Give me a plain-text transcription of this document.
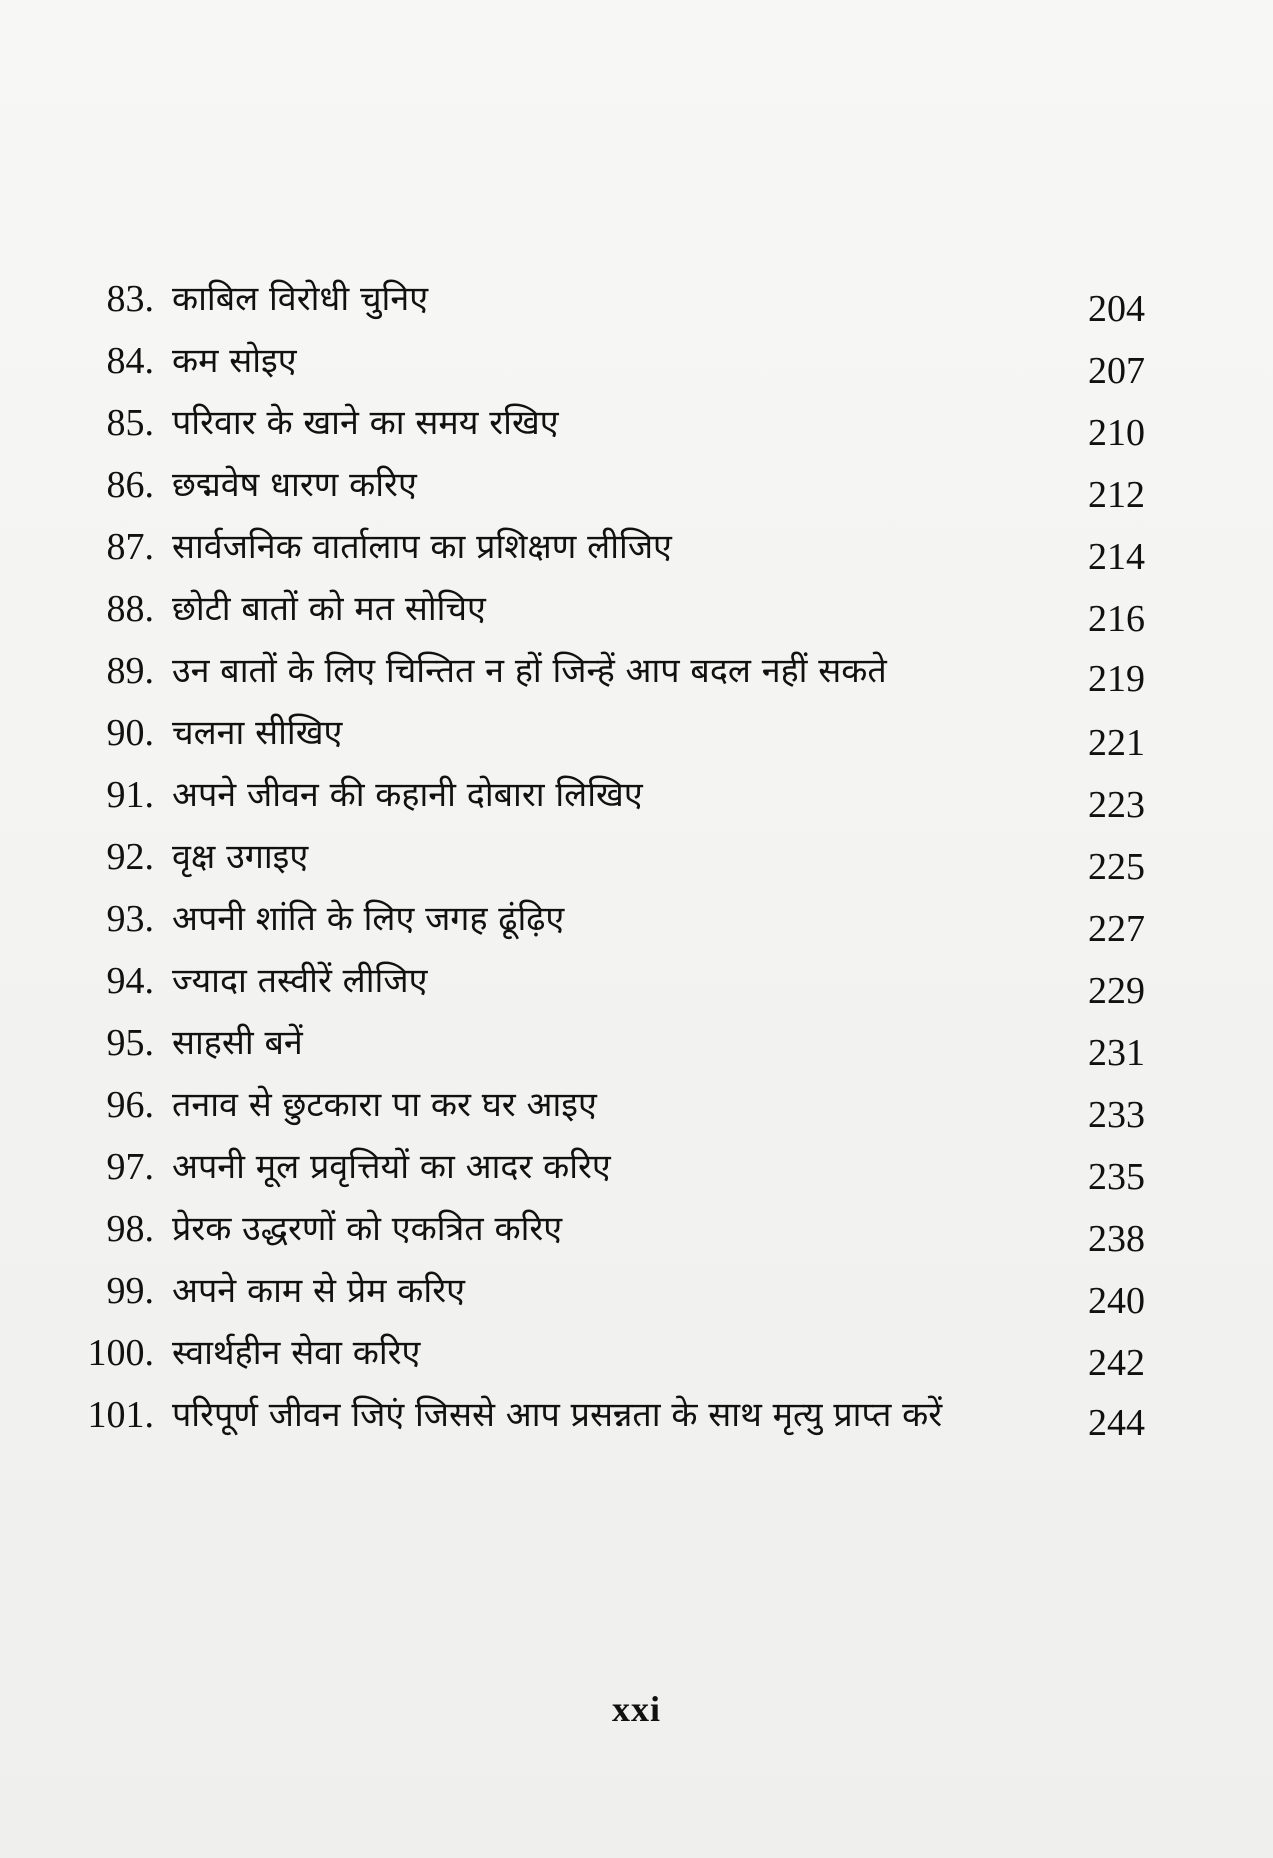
83. काबिल विरोधी चुनिए	204
84. कम सोइए	207
85. परिवार के खाने का समय रखिए	210
86. छद्मवेष धारण करिए	212
87. सार्वजनिक वार्तालाप का प्रशिक्षण लीजिए	214
88. छोटी बातों को मत सोचिए	216
89. उन बातों के लिए चिन्तित न हों जिन्हें आप बदल नहीं सकते	219
90. चलना सीखिए	221
91. अपने जीवन की कहानी दोबारा लिखिए	223
92. वृक्ष उगाइए	225
93. अपनी शांति के लिए जगह ढूंढ़िए	227
94. ज्यादा तस्वीरें लीजिए	229
95. साहसी बनें	231
96. तनाव से छुटकारा पा कर घर आइए	233
97. अपनी मूल प्रवृत्तियों का आदर करिए	235
98. प्रेरक उद्धरणों को एकत्रित करिए	238
99. अपने काम से प्रेम करिए	240
100. स्वार्थहीन सेवा करिए	242
101. परिपूर्ण जीवन जिएं जिससे आप प्रसन्नता के साथ मृत्यु प्राप्त करें	244
xxi
